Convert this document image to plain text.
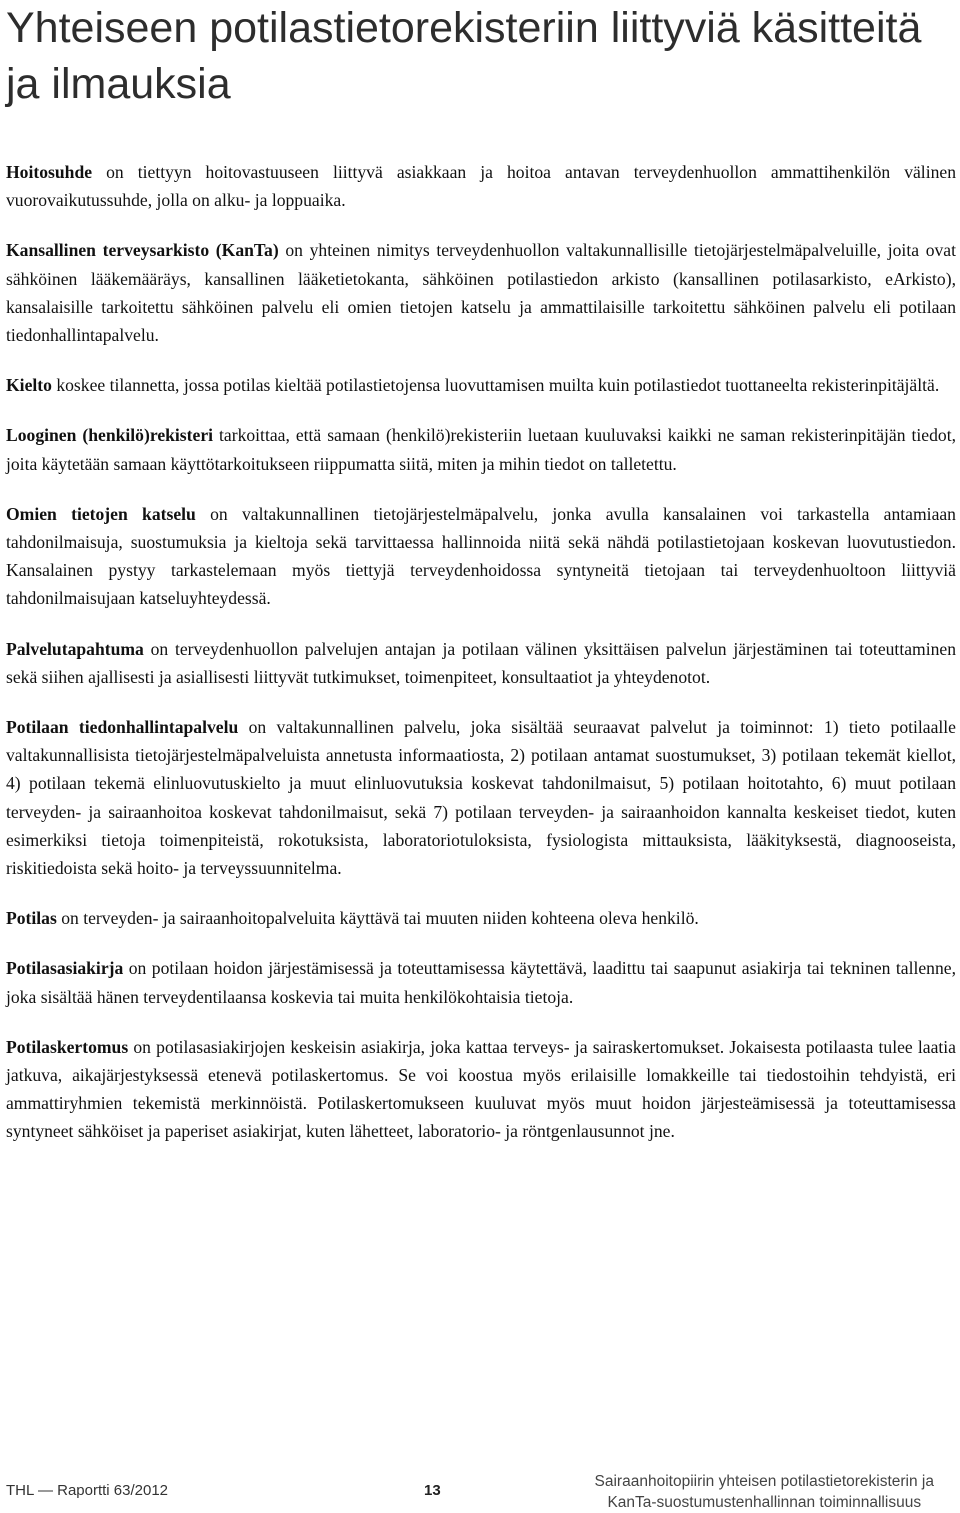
Yhteiseen potilastietorekisteriin liittyviä käsitteitä ja ilmauksia

Hoitosuhde on tiettyyn hoitovastuuseen liittyvä asiakkaan ja hoitoa antavan terveydenhuollon ammattihenkilön välinen vuorovaikutussuhde, jolla on alku- ja loppuaika.

Kansallinen terveysarkisto (KanTa) on yhteinen nimitys terveydenhuollon valtakunnallisille tietojärjestelmäpalveluille, joita ovat sähköinen lääkemääräys, kansallinen lääketietokanta, sähköinen potilastiedon arkisto (kansallinen potilasarkisto, eArkisto), kansalaisille tarkoitettu sähköinen palvelu eli omien tietojen katselu ja ammattilaisille tarkoitettu sähköinen palvelu eli potilaan tiedonhallintapalvelu.

Kielto koskee tilannetta, jossa potilas kieltää potilastietojensa luovuttamisen muilta kuin potilastiedot tuottaneelta rekisterinpitäjältä.

Looginen (henkilö)rekisteri tarkoittaa, että samaan (henkilö)rekisteriin luetaan kuuluvaksi kaikki ne saman rekisterinpitäjän tiedot, joita käytetään samaan käyttötarkoitukseen riippumatta siitä, miten ja mihin tiedot on talletettu.

Omien tietojen katselu on valtakunnallinen tietojärjestelmäpalvelu, jonka avulla kansalainen voi tarkastella antamiaan tahdonilmaisuja, suostumuksia ja kieltoja sekä tarvittaessa hallinnoida niitä sekä nähdä potilastietojaan koskevan luovutustiedon. Kansalainen pystyy tarkastelemaan myös tiettyjä terveydenhoidossa syntyneitä tietojaan tai terveydenhuoltoon liittyviä tahdonilmaisujaan katseluyhteydessä.

Palvelutapahtuma on terveydenhuollon palvelujen antajan ja potilaan välinen yksittäisen palvelun järjestäminen tai toteuttaminen sekä siihen ajallisesti ja asiallisesti liittyvät tutkimukset, toimenpiteet, konsultaatiot ja yhteydenotot.

Potilaan tiedonhallintapalvelu on valtakunnallinen palvelu, joka sisältää seuraavat palvelut ja toiminnot: 1) tieto potilaalle valtakunnallisista tietojärjestelmäpalveluista annetusta informaatiosta, 2) potilaan antamat suostumukset, 3) potilaan tekemät kiellot, 4) potilaan tekemä elinluovutuskielto ja muut elinluovutuksia koskevat tahdonilmaisut, 5) potilaan hoitotahto, 6) muut potilaan terveyden- ja sairaanhoitoa koskevat tahdonilmaisut, sekä 7) potilaan terveyden- ja sairaanhoidon kannalta keskeiset tiedot, kuten esimerkiksi tietoja toimenpiteistä, rokotuksista, laboratoriotuloksista, fysiologista mittauksista, lääkityksestä, diagnooseista, riskitiedoista sekä hoito- ja terveyssuunnitelma.

Potilas on terveyden- ja sairaanhoitopalveluita käyttävä tai muuten niiden kohteena oleva henkilö.

Potilasasiakirja on potilaan hoidon järjestämisessä ja toteuttamisessa käytettävä, laadittu tai saapunut asiakirja tai tekninen tallenne, joka sisältää hänen terveydentilaansa koskevia tai muita henkilökohtaisia tietoja.

Potilaskertomus on potilasasiakirjojen keskeisin asiakirja, joka kattaa terveys- ja sairaskertomukset. Jokaisesta potilaasta tulee laatia jatkuva, aikajärjestyksessä etenevä potilaskertomus. Se voi koostua myös erilaisille lomakkeille tai tiedostoihin tehdyistä, eri ammattiryhmien tekemistä merkinnöistä. Potilaskertomukseen kuuluvat myös muut hoidon järjesteämisessä ja toteuttamisessa syntyneet sähköiset ja paperiset asiakirjat, kuten lähetteet, laboratorio- ja röntgenlausunnot jne.

THL — Raportti 63/2012	13
Sairaanhoitopiirin yhteisen potilastietorekisterin ja
KanTa-suostumustenhallinnan toiminnallisuus
